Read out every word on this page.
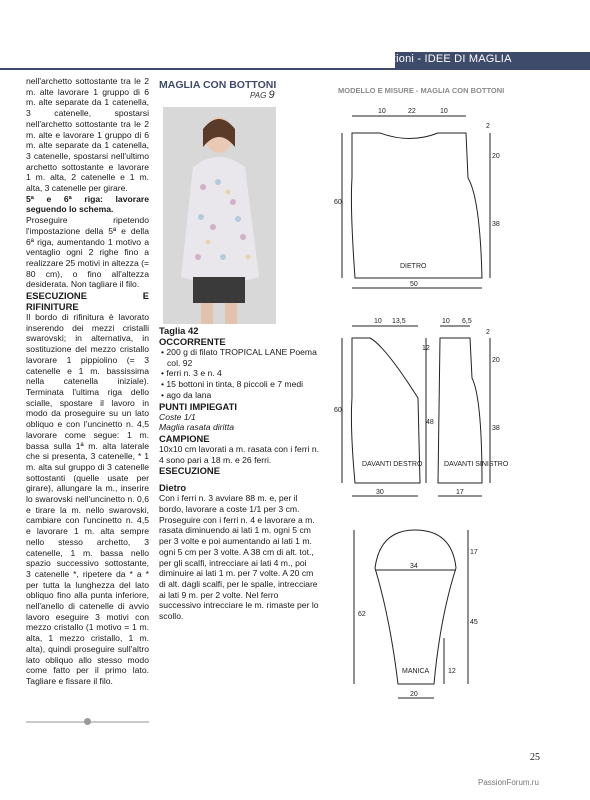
Spiegazioni - IDEE DI MAGLIA

nell'archetto sottostante tra le 2 m. alte lavorare 1 gruppo di 6 m. alte separate da 1 catenella, 3 catenelle, spostarsi nell'archetto sottostante tra le 2 m. alte e lavorare 1 gruppo di 6 m. alte separate da 1 catenella, 3 catenelle, spostarsi nell'ultimo archetto sottostante e lavorare 1 m. alta, 2 catenelle e 1 m. alta, 3 catenelle per girare.

5ª e 6ª riga: lavorare seguendo lo schema.

Proseguire ripetendo l'impostazione della 5ª e della 6ª riga, aumentando 1 motivo a ventaglio ogni 2 righe fino a realizzare 25 motivi in altezza (= 80 cm), o fino all'altezza desiderata. Non tagliare il filo.

ESECUZIONE E RIFINITURE

Il bordo di rifinitura è lavorato inserendo dei mezzi cristalli swarovski; in alternativa, in sostituzione del mezzo cristallo lavorare 1 pippiolino (= 3 catenelle e 1 m. bassissima nella catenella iniziale). Terminata l'ultima riga dello scialle, spostare il lavoro in modo da proseguire su un lato obliquo e con l'uncinetto n. 4,5 lavorare come segue: 1 m. bassa sulla 1ª m. alta laterale che si presenta, 3 catenelle, * 1 m. alta sul gruppo di 3 catenelle sottostanti (quelle usate per girare), allungare la m., inserire lo swarovski nell'uncinetto n. 0,6 e tirare la m. nello swarovski, cambiare con l'uncinetto n. 4,5 e lavorare 1 m. alta sempre nello stesso archetto, 3 catenelle, 1 m. bassa nello spazio successivo sottostante, 3 catenelle *, ripetere da * a * per tutta la lunghezza del lato obliquo fino alla punta inferiore, nell'anello di catenelle di avvio lavoro eseguire 3 motivi con mezzo cristallo (1 motivo = 1 m. alta, 1 mezzo cristallo, 1 m. alta), quindi proseguire sull'altro lato obliquo allo stesso modo come fatto per il primo lato. Tagliare e fissare il filo.

MAGLIA CON BOTTONI
PAG 9

Taglia 42

OCCORRENTE

• 200 g di filato TROPICAL LANE Poema col. 92
• ferri n. 3 e n. 4
• 15 bottoni in tinta, 8 piccoli e 7 medi
• ago da lana

PUNTI IMPIEGATI

Coste 1/1

Maglia rasata diritta

CAMPIONE

10x10 cm lavorati a m. rasata con i ferri n. 4 sono pari a 18 m. e 26 ferri.

ESECUZIONE

Dietro

Con i ferri n. 3 avviare 88 m. e, per il bordo, lavorare a coste 1/1 per 3 cm. Proseguire con i ferri n. 4 e lavorare a m. rasata diminuendo ai lati 1 m. ogni 5 cm per 3 volte e poi aumentando ai lati 1 m. ogni 5 cm per 3 volte. A 38 cm di alt. tot., per gli scalfi, intrecciare ai lati 4 m., poi diminuire ai lati 1 m. per 7 volte. A 20 cm di alt. dagli scalfi, per le spalle, intrecciare ai lati 9 m. per 2 volte. Nel ferro successivo intrecciare le m. rimaste per lo scollo.

MODELLO E MISURE - MAGLIA CON BOTTONI
DIETRO
10	22	10
2
20
38
60
50
DAVANTI DESTRO
10 13,5
12
48
60
30
DAVANTI SINISTRO
10 6,5
2
20
38
17
MANICA
34
17
45
62
12
20
25
PassionForum.ru
